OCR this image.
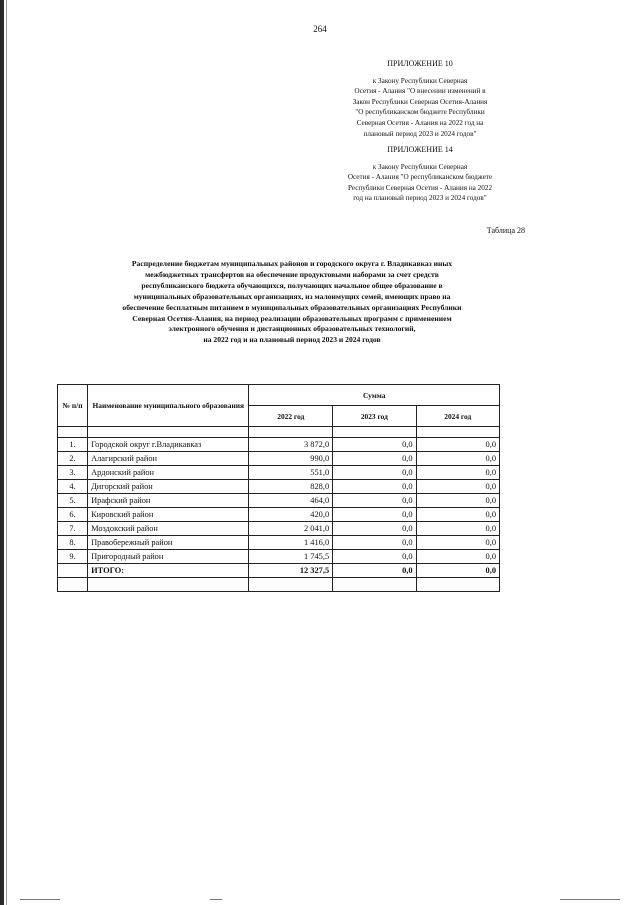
264
ПРИЛОЖЕНИЕ 10
к Закону Республики Северная
Осетия - Алания "О внесении изменений в
Закон Республики Северная Осетия-Алания
"О республиканском бюджете Республики
Северная Осетия - Алания на 2022 год на
плановый период 2023 и 2024 годов"
ПРИЛОЖЕНИЕ 14
к Закону Республики Северная
Осетия - Алания "О республиканском бюджете
Республики Северная Осетия - Алания на 2022
год на плановый период 2023 и 2024 годов"
Таблица 28
Распределение бюджетам муниципальных районов и городского округа г. Владикавказ иных
межбюджетных трансфертов на обеспечение продуктовыми наборами за счет средств
республиканского бюджета обучающихся, получающих начальное общее образование в
муниципальных образовательных организациях, из малоимущих семей, имеющих право на
обеспечение бесплатным питанием в муниципальных образовательных организациях Республики
Северная Осетия-Алания, на период реализации образовательных программ с применением
электронного обучения и дистанционных образовательных технологий,
на 2022 год и на плановый период 2023 и 2024 годов
№ п/п	Наименование муниципального образования	Сумма		
		2022 год	2023 год	2024 год

1.	Городской округ г.Владикавказ	3 872,0	0,0	0,0
2.	Алагирский район	990,0	0,0	0,0
3.	Ардонский район	551,0	0,0	0,0
4.	Дигорский район	828,0	0,0	0,0
5.	Ирафский район	464,0	0,0	0,0
6.	Кировский район	420,0	0,0	0,0
7.	Моздокский район	2 041,0	0,0	0,0
8.	Правобережный район	1 416,0	0,0	0,0
9.	Пригородный район	1 745,5	0,0	0,0
	ИТОГО:	12 327,5	0,0	0,0
